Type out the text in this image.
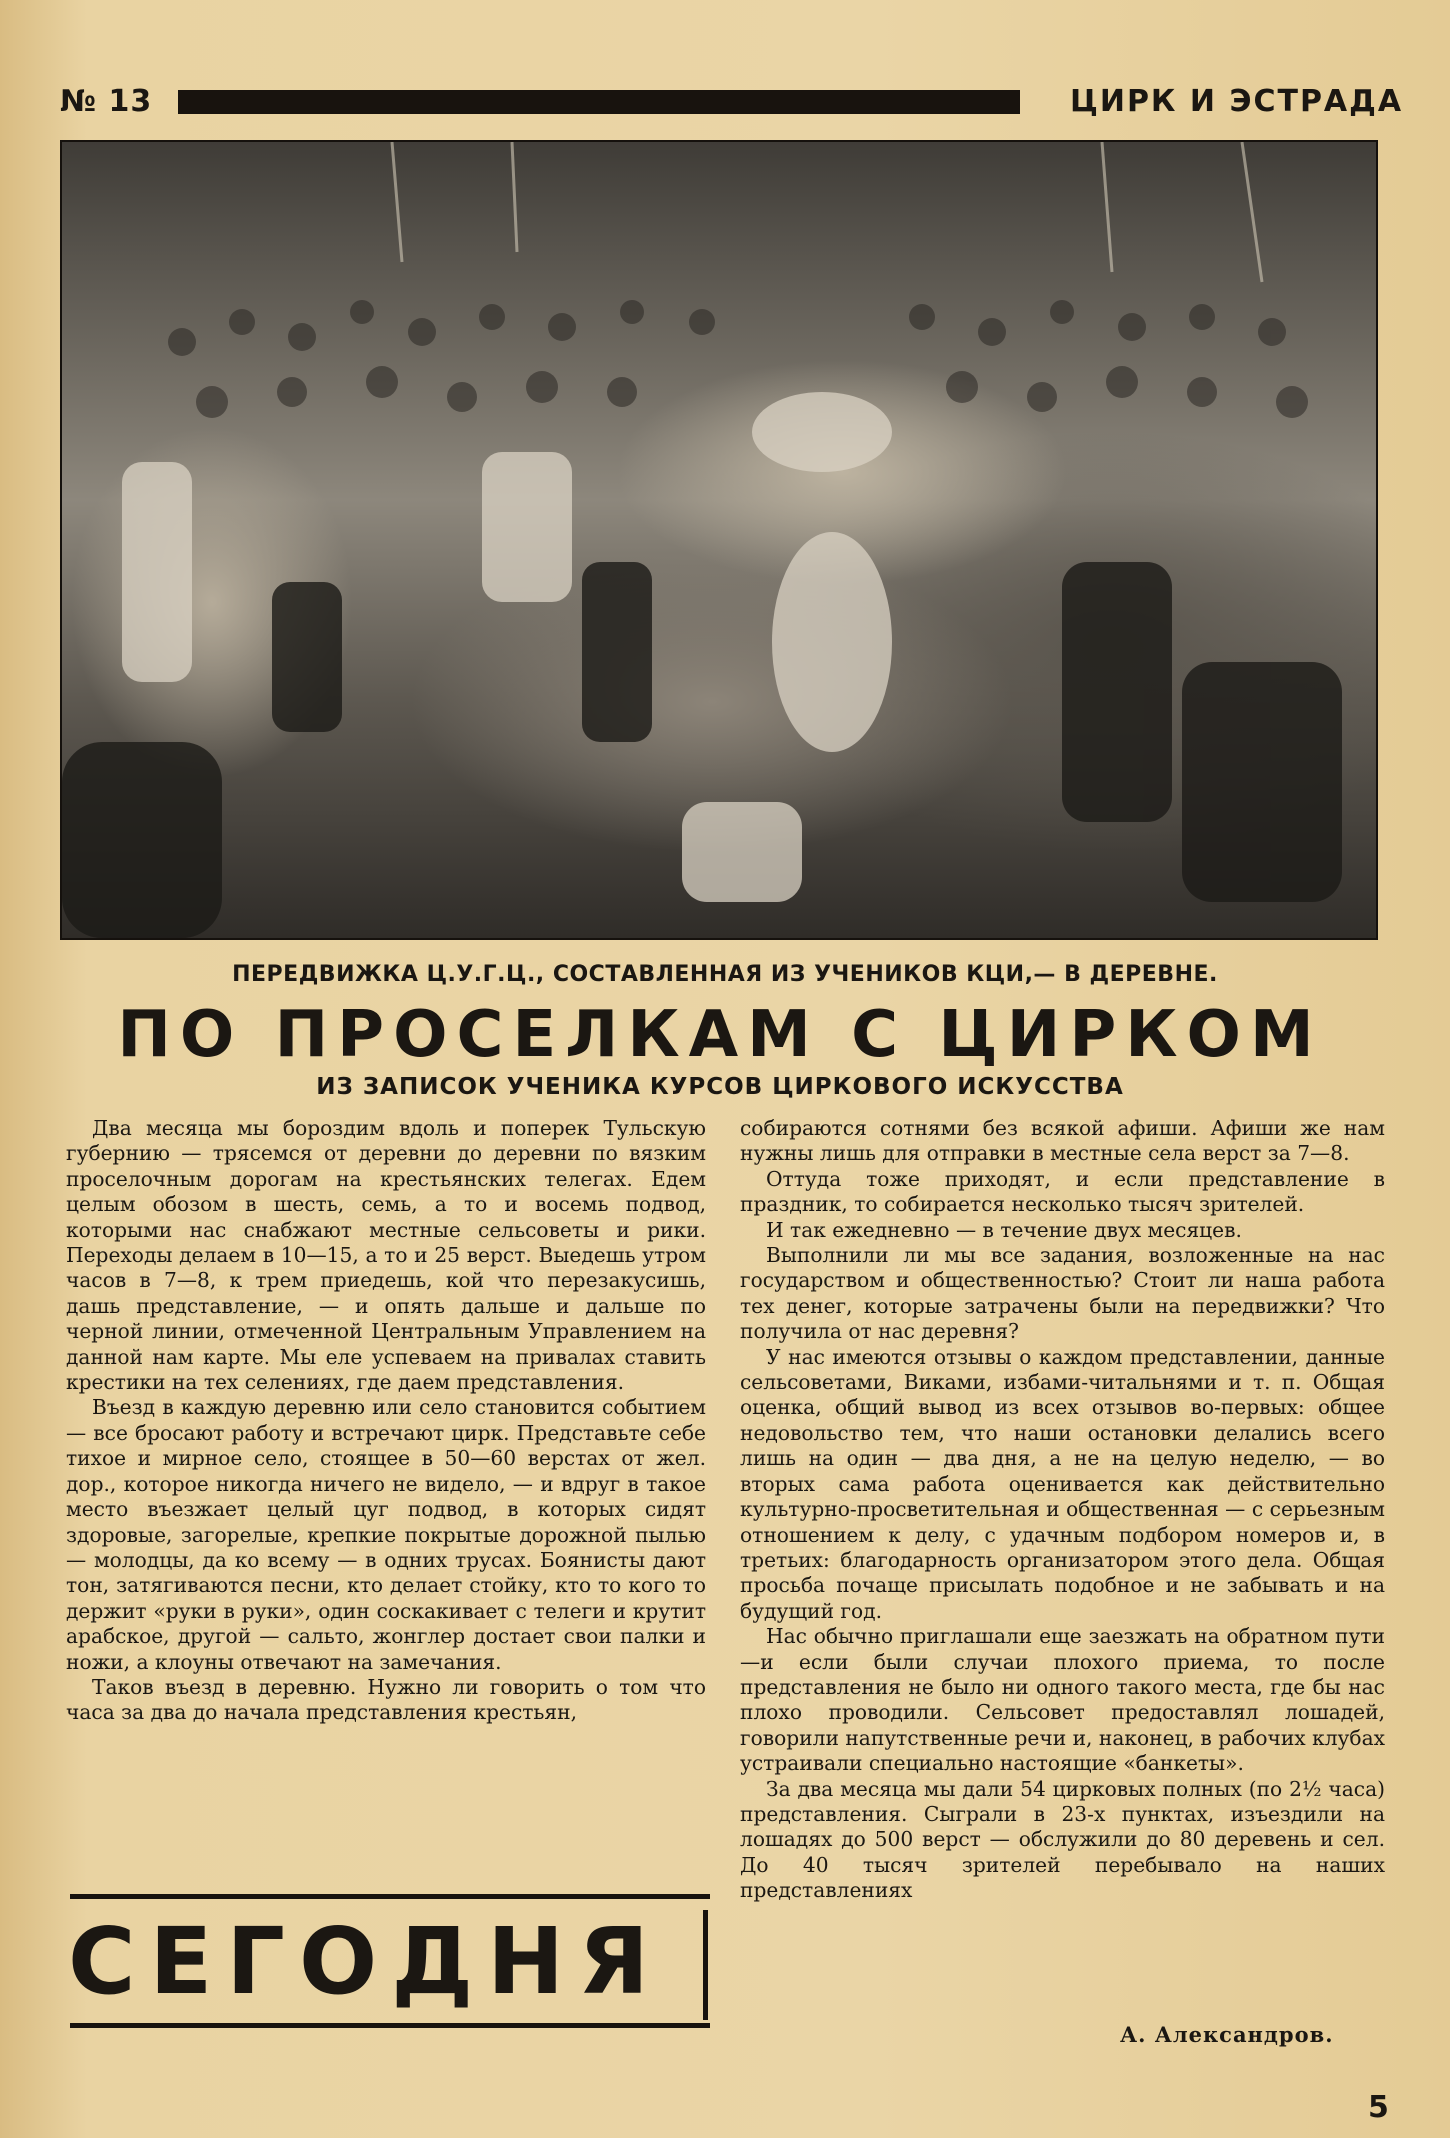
№ 13	ЦИРК И ЭСТРАДА
ПЕРЕДВИЖКА Ц.У.Г.Ц., СОСТАВЛЕННАЯ ИЗ УЧЕНИКОВ КЦИ,— В ДЕРЕВНЕ.
ПО ПРОСЕЛКАМ С ЦИРКОМ
ИЗ ЗАПИСОК УЧЕНИКА КУРСОВ ЦИРКОВОГО ИСКУССТВА

Два месяца мы бороздим вдоль и поперек Тульскую губернию — трясемся от деревни до деревни по вязким проселочным дорогам на крестьянских телегах. Едем целым обозом в шесть, семь, а то и восемь подвод, которыми нас снабжают местные сельсоветы и рики. Переходы делаем в 10—15, а то и 25 верст. Выедешь утром часов в 7—8, к трем приедешь, кой что перезакусишь, дашь представление, — и опять дальше и дальше по черной линии, отмеченной Центральным Управлением на данной нам карте. Мы еле успеваем на привалах ставить крестики на тех селениях, где даем представления.

Въезд в каждую деревню или село становится событием — все бросают работу и встречают цирк. Представьте себе тихое и мирное село, стоящее в 50—60 верстах от жел. дор., которое никогда ничего не видело, — и вдруг в такое место въезжает целый цуг подвод, в которых сидят здоровые, загорелые, крепкие покрытые дорожной пылью — молодцы, да ко всему — в одних трусах. Боянисты дают тон, затягиваются песни, кто делает стойку, кто то кого то держит «руки в руки», один соскакивает с телеги и крутит арабское, другой — сальто, жонглер достает свои палки и ножи, а клоуны отвечают на замечания.

Таков въезд в деревню. Нужно ли говорить о том что часа за два до начала представления крестьян,

собираются сотнями без всякой афиши. Афиши же нам нужны лишь для отправки в местные села верст за 7—8.

Оттуда тоже приходят, и если представление в праздник, то собирается несколько тысяч зрителей.

И так ежедневно — в течение двух месяцев.

Выполнили ли мы все задания, возложенные на нас государством и общественностью? Стоит ли наша работа тех денег, которые затрачены были на передвижки? Что получила от нас деревня?

У нас имеются отзывы о каждом представлении, данные сельсоветами, Виками, избами-читальнями и т. п. Общая оценка, общий вывод из всех отзывов во-первых: общее недовольство тем, что наши остановки делались всего лишь на один — два дня, а не на целую неделю, — во вторых сама работа оценивается как действительно культурно-просветительная и общественная — с серьезным отношением к делу, с удачным подбором номеров и, в третьих: благодарность организатором этого дела. Общая просьба почаще присылать подобное и не забывать и на будущий год.

Нас обычно приглашали еще заезжать на обратном пути—и если были случаи плохого приема, то после представления не было ни одного такого места, где бы нас плохо проводили. Сельсовет предоставлял лошадей, говорили напутственные речи и, наконец, в рабочих клубах устраивали специально настоящие «банкеты».

За два месяца мы дали 54 цирковых полных (по 2½ часа) представления. Сыграли в 23-х пунктах, изъездили на лошадях до 500 верст — обслужили до 80 деревень и сел. До 40 тысяч зрителей перебывало на наших представлениях

А. Александров.
СЕГОДНЯ
5
